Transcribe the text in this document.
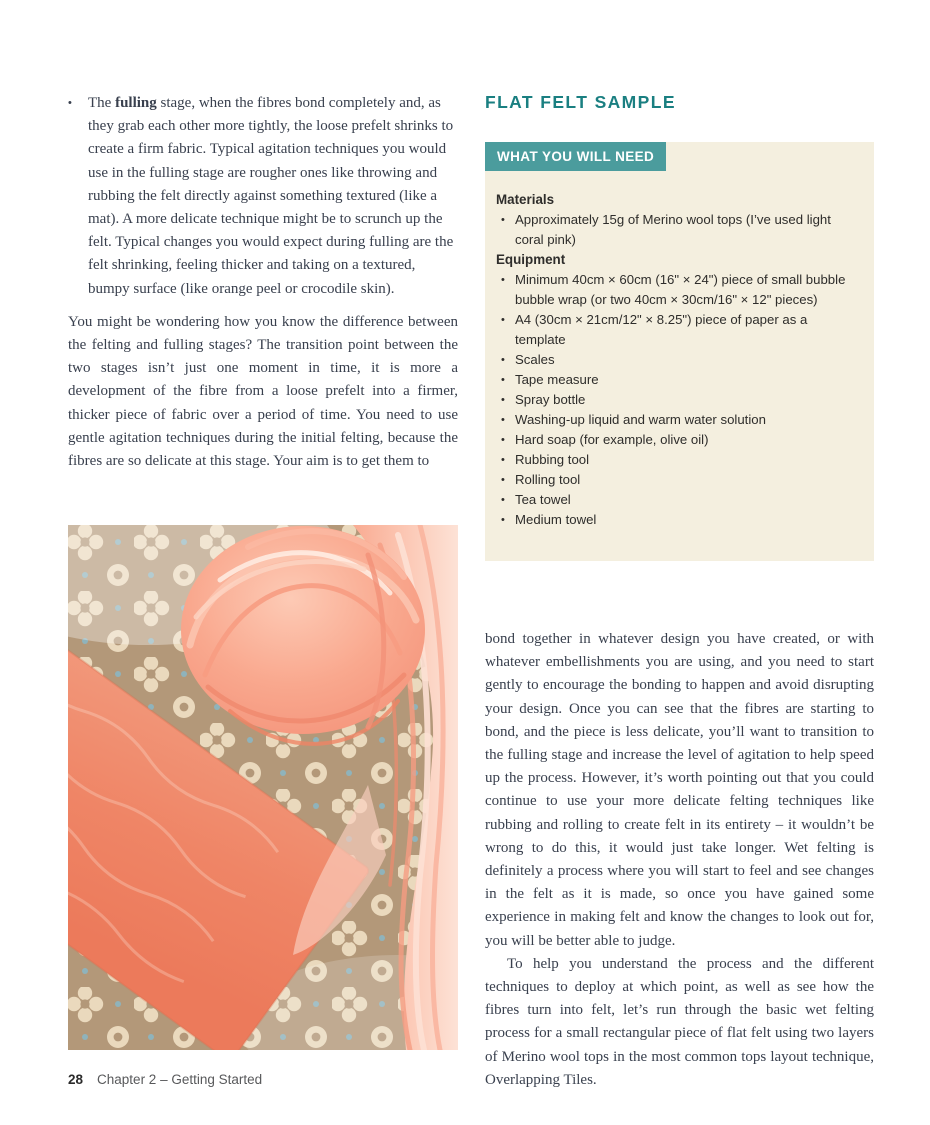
•	The fulling stage, when the fibres bond completely and, as they grab each other more tightly, the loose prefelt shrinks to create a firm fabric. Typical agitation techniques you would use in the fulling stage are rougher ones like throwing and rubbing the felt directly against something textured (like a mat). A more delicate technique might be to scrunch up the felt. Typical changes you would expect during fulling are the felt shrinking, feeling thicker and taking on a textured, bumpy surface (like orange peel or crocodile skin).

You might be wondering how you know the difference between the felting and fulling stages? The transition point between the two stages isn’t just one moment in time, it is more a development of the fibre from a loose prefelt into a firmer, thicker piece of fabric over a period of time. You need to use gentle agitation techniques during the initial felting, because the fibres are so delicate at this stage. Your aim is to get them to

FLAT FELT SAMPLE
WHAT YOU WILL NEED
Materials
• Approximately 15g of Merino wool tops (I’ve used light coral pink)
Equipment
• Minimum 40cm × 60cm (16" × 24") piece of small bubble bubble wrap (or two 40cm × 30cm/16" × 12" pieces)
• A4 (30cm × 21cm/12" × 8.25") piece of paper as a template
• Scales
• Tape measure
• Spray bottle
• Washing-up liquid and warm water solution
• Hard soap (for example, olive oil)
• Rubbing tool
• Rolling tool
• Tea towel
• Medium towel

bond together in whatever design you have created, or with whatever embellishments you are using, and you need to start gently to encourage the bonding to happen and avoid disrupting your design. Once you can see that the fibres are starting to bond, and the piece is less delicate, you’ll want to transition to the fulling stage and increase the level of agitation to help speed up the process. However, it’s worth pointing out that you could continue to use your more delicate felting techniques like rubbing and rolling to create felt in its entirety – it wouldn’t be wrong to do this, it would just take longer. Wet felting is definitely a process where you will start to feel and see changes in the felt as it is made, so once you have gained some experience in making felt and know the changes to look out for, you will be better able to judge.

To help you understand the process and the different techniques to deploy at which point, as well as see how the fibres turn into felt, let’s run through the basic wet felting process for a small rectangular piece of flat felt using two layers of Merino wool tops in the most common tops layout technique, Overlapping Tiles.

28 Chapter 2 – Getting Started
